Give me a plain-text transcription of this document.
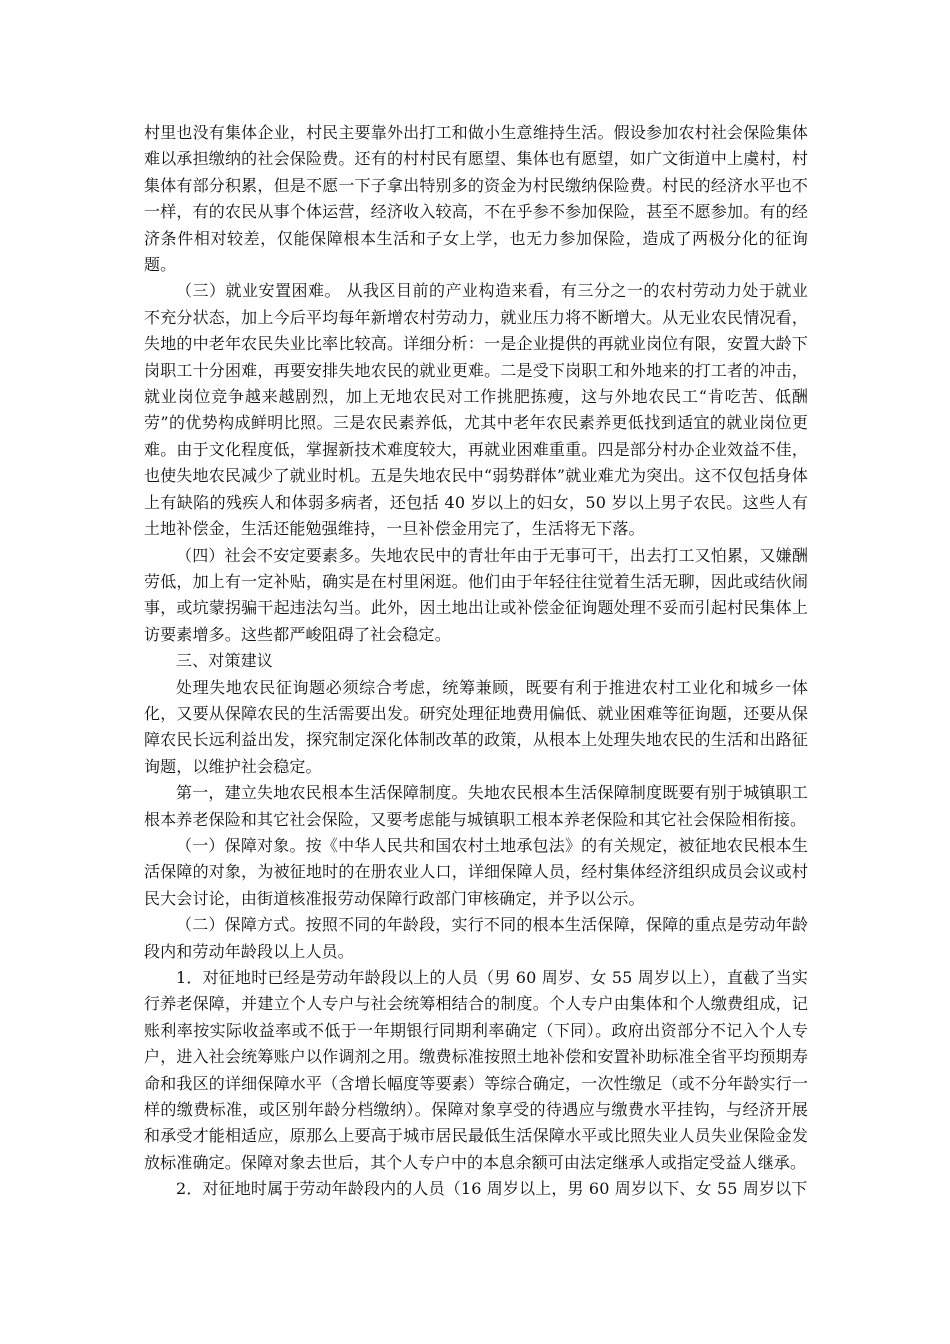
村里也没有集体企业，村民主要靠外出打工和做小生意维持生活。假设参加农村社会保险集体难以承担缴纳的社会保险费。还有的村村民有愿望、集体也有愿望，如广文街道中上虞村，村集体有部分积累，但是不愿一下子拿出特别多的资金为村民缴纳保险费。村民的经济水平也不一样，有的农民从事个体运营，经济收入较高，不在乎参不参加保险，甚至不愿参加。有的经济条件相对较差，仅能保障根本生活和子女上学，也无力参加保险，造成了两极分化的征询题。

（三）就业安置困难。 从我区目前的产业构造来看，有三分之一的农村劳动力处于就业不充分状态，加上今后平均每年新增农村劳动力，就业压力将不断增大。从无业农民情况看，失地的中老年农民失业比率比较高。详细分析：一是企业提供的再就业岗位有限，安置大龄下岗职工十分困难，再要安排失地农民的就业更难。二是受下岗职工和外地来的打工者的冲击，就业岗位竞争越来越剧烈，加上无地农民对工作挑肥拣瘦，这与外地农民工“肯吃苦、低酬劳”的优势构成鲜明比照。三是农民素养低，尤其中老年农民素养更低找到适宜的就业岗位更难。由于文化程度低，掌握新技术难度较大，再就业困难重重。四是部分村办企业效益不佳，也使失地农民减少了就业时机。五是失地农民中“弱势群体”就业难尤为突出。这不仅包括身体上有缺陷的残疾人和体弱多病者，还包括 40 岁以上的妇女，50 岁以上男子农民。这些人有土地补偿金，生活还能勉强维持，一旦补偿金用完了，生活将无下落。

（四）社会不安定要素多。失地农民中的青壮年由于无事可干，出去打工又怕累，又嫌酬劳低，加上有一定补贴，确实是在村里闲逛。他们由于年轻往往觉着生活无聊，因此或结伙闹事，或坑蒙拐骗干起违法勾当。此外，因土地出让或补偿金征询题处理不妥而引起村民集体上访要素增多。这些都严峻阻碍了社会稳定。

三、对策建议

处理失地农民征询题必须综合考虑，统筹兼顾，既要有利于推进农村工业化和城乡一体化，又要从保障农民的生活需要出发。研究处理征地费用偏低、就业困难等征询题，还要从保障农民长远利益出发，探究制定深化体制改革的政策，从根本上处理失地农民的生活和出路征询题，以维护社会稳定。

第一，建立失地农民根本生活保障制度。失地农民根本生活保障制度既要有别于城镇职工根本养老保险和其它社会保险，又要考虑能与城镇职工根本养老保险和其它社会保险相衔接。

（一）保障对象。按《中华人民共和国农村土地承包法》的有关规定，被征地农民根本生活保障的对象，为被征地时的在册农业人口，详细保障人员，经村集体经济组织成员会议或村民大会讨论，由街道核准报劳动保障行政部门审核确定，并予以公示。

（二）保障方式。按照不同的年龄段，实行不同的根本生活保障，保障的重点是劳动年龄段内和劳动年龄段以上人员。

1．对征地时已经是劳动年龄段以上的人员（男 60 周岁、女 55 周岁以上），直截了当实行养老保障，并建立个人专户与社会统筹相结合的制度。个人专户由集体和个人缴费组成，记账利率按实际收益率或不低于一年期银行同期利率确定（下同）。政府出资部分不记入个人专户，进入社会统筹账户以作调剂之用。缴费标准按照土地补偿和安置补助标准全省平均预期寿命和我区的详细保障水平（含增长幅度等要素）等综合确定，一次性缴足（或不分年龄实行一样的缴费标准，或区别年龄分档缴纳）。保障对象享受的待遇应与缴费水平挂钩，与经济开展和承受才能相适应，原那么上要高于城市居民最低生活保障水平或比照失业人员失业保险金发放标准确定。保障对象去世后，其个人专户中的本息余额可由法定继承人或指定受益人继承。

2．对征地时属于劳动年龄段内的人员（16 周岁以上，男 60 周岁以下、女 55 周岁以下
